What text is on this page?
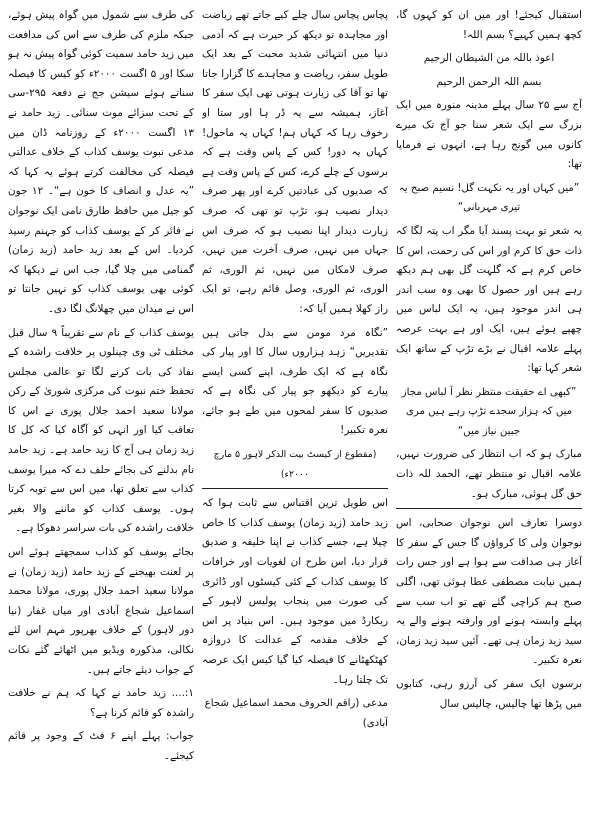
استقبال کیجئے! اور میں ان کو کہوں گا، کچھ ہمیں کہیے؟ بسم اللہ!

اعوذ باللہ من الشیطان الرجیم

بسم اللہ الرحمن الرحیم

آج سے ۲۵ سال پہلے مدینہ منورہ میں ایک بزرگ سے ایک شعر سنا جو آج تک میرے کانوں میں گونج رہا ہے، انہوں نے فرمایا تھا:

”میں کہاں اور یہ نکہت گل! نسیم صبح یہ تیری مہربانی“

یہ شعر تو بہت پسند آیا مگر اب پتہ لگا کہ ذات حق کا کرم اور اس کی رحمت، اس کا خاص کرم ہے کہ گلہت گل بھی ہم دیکھ رہے ہیں اور حصول کا بھی وہ سب اندر ہی اندر موجود ہیں، یہ ایک لباس میں چھپے ہوئے ہیں، ایک اور ہے بہت عرصہ پہلے علامہ اقبال نے بڑے تڑپ کے ساتھ ایک شعر کہا تھا:

”کبھی اے حقیقت منتظر نظر آ لباس مجاز میں کہ ہزار سجدے تڑپ رہے ہیں مری جبین نیاز میں“

مبارک ہو کہ اب انتظار کی ضرورت نہیں، علامہ اقبال تو منتظر تھے، الحمد للہ ذات حق گل ہوئی، مبارک ہو۔

دوسرا تعارف اس نوجوان صحابی، اس نوجوان ولی کا کرواؤں گا جس کے سفر کا آغاز ہی صداقت سے ہوا ہے اور جس رات ہمیں نیابت مصطفی عطا ہوئی تھی، اگلی صبح ہم کراچی گئے تھے تو اب سب سے پہلے وابستہ ہونے اور وارفتہ ہونے والے یہ سید زید زمان ہی تھے۔ آئیں سید زید زمان، نعرہ تکبیر۔

برسوں ایک سفر کی آرزو رہی، کتابوں میں پڑھا تھا چالیس، چالیس سال

پچاس پچاس سال چلے کیے جاتے تھے ریاضت اور مجاہدہ تو دیکھ کر حیرت ہے کہ آدمی دنیا میں انتہائی شدید محبت کے بعد ایک طویل سفر، ریاضت و مجاہدے کا گزارا جاتا تھا تو آقا کی زیارت ہوتی تھی ایک سفر کا آغاز، ہمیشہ سے یہ ڈر ہا اور ستا او رخوف رہا کہ کہاں ہم! کہاں یہ ماحول! کہاں یہ دور! کس کے پاس وقت ہے کہ برسوں کے چلے کرے، کس کے پاس وقت ہے کہ صدیوں کی عبادتیں کرے اور پھر صرف دیدار نصیب ہو، تڑپ تو تھی کہ صرف زیارت دیدار اپنا نصیب ہو کہ صرف اس جہاں میں نہیں، صرف آخرت میں نہیں، صرف لامکاں میں نہیں، ثم الوری، ثم الوری، ثم الوری، وصل قائم رہے، تو ایک راز کھلا ہمیں آیا کہ:

”نگاہ مرد مومن سے بدل جاتی ہیں تقدیریں“ زہد ہزاروں سال کا اور پیار کی نگاہ ہے کہ ایک طرف، اپنے کسی ایسے پیارے کو دیکھو جو پیار کی نگاہ ہے کہ صدیوں کا سفر لمحوں میں طے ہو جائے، نعرہ تکبیر!

(مقطوع از کیسٹ بیت الذکر لاہور ۵ مارچ ۲۰۰۰ء)

اس طویل ترین اقتباس سے ثابت ہوا کہ زید حامد (زید زمان) یوسف کذاب کا خاص چیلا ہے، جسے کذاب نے اپنا خلیفہ و صدیق قرار دیا، اس طرح ان لغویات اور خرافات کا یوسف کذاب کے کئی کیسٹوں اور ڈائری کی صورت میں پنجاب پولیس لاہور کے ریکارڈ میں موجود ہیں۔ اس بنیاد پر اس کے خلاف مقدمہ کے عدالت کا دروازہ کھٹکھٹانے کا فیصلہ کیا گیا کیس ایک عرصہ تک چلتا رہا۔

مدعی (راقم الحروف محمد اسماعیل شجاع آبادی)

کی طرف سے شمول میں گواہ پیش ہوئے، جبکہ ملزم کی طرف سے اس کی مدافعت میں زید حامد سمیت کوئی گواہ پیش نہ ہو سکا اور ۵ اگست ۲۰۰۰ء کو کیس کا فیصلہ سناتے ہوئے سیشن جج نے دفعہ ۲۹۵-سی کے تحت سزائے موت سنائی۔ زید حامد نے ۱۳ اگست ۲۰۰۰ء کے روزنامہ ڈان میں مدعی نبوت یوسف کذاب کے خلاف عدالتی فیصلہ کی مخالفت کرتے ہوئے یہ کہا کہ ”یہ عدل و انصاف کا خون ہے“۔ ۱۲ جون کو جیل میں حافظ طارق نامی ایک نوجوان نے فائر کر کے یوسف کذاب کو جہنم رسید کردیا۔ اس کے بعد زید حامد (زید زمان) گمنامی میں چلا گیا، جب اس نے دیکھا کہ کوئی بھی یوسف کذاب کو نہیں جانتا تو اس نے میدان میں چھلانگ لگا دی۔

یوسف کذاب کے نام سے تقریباً ۹ سال قبل مختلف ٹی وی چینلوں پر خلافت راشدہ کے نفاذ کی بات کرنے لگا تو عالمی مجلس تحفظ ختم نبوت کی مرکزی شوریٰ کے رکن مولانا سعید احمد جلال پوری نے اس کا تعاقب کیا اور انہی کو آگاہ کیا کہ کل کا زید زمان ہی آج کا زید حامد ہے۔ زید حامد نام بدلنے کی بجائے حلف دے کہ میرا یوسف کذاب سے تعلق تھا، میں اس سے توبہ کرتا ہوں۔ یوسف کذاب کو ماننے والا بغیر خلافت راشدہ کی بات سراسر دھوکا ہے۔

بجائے یوسف کو کذاب سمجھتے ہوئے اس پر لعنت بھیجنے کے زید حامد (زید زمان) نے مولانا سعید احمد جلال پوری، مولانا محمد اسماعیل شجاع آبادی اور میاں غفار (نیا دور لاہور) کے خلاف بھرپور مہم اس لئے نکالی، مذکورہ ویڈیو میں اٹھائے گئے نکات کے جواب دیئے جاتے ہیں۔

۱:.... زید حامد نے کہا کہ ہم نے خلافت راشدہ کو قائم کرنا ہے؟

جواب: پہلے اپنے ۶ فٹ کے وجود پر قائم کیجئے۔
